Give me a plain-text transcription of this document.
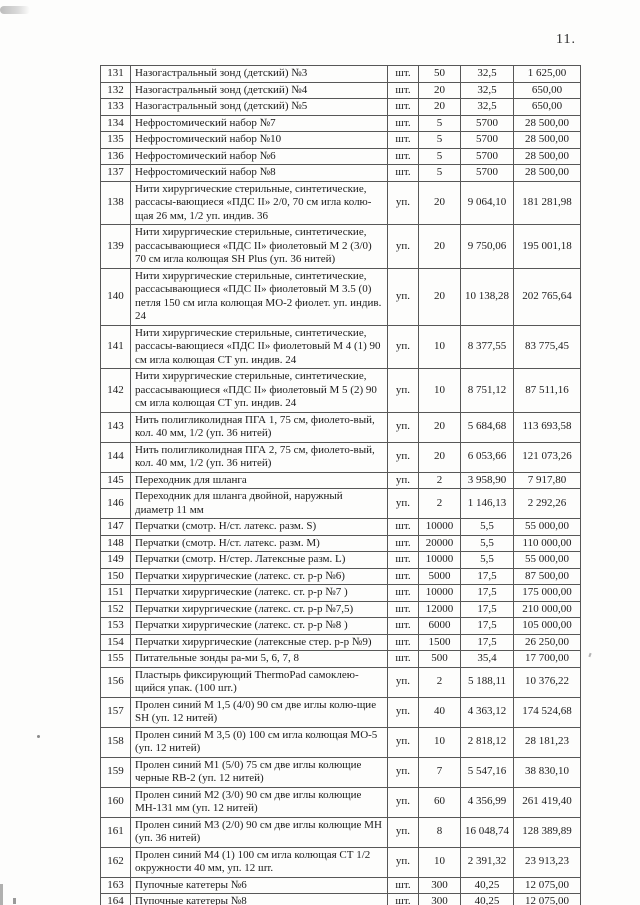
11.
131	Назогастральный зонд (детский) №3	шт.	50	32,5	1 625,00
132	Назогастральный зонд (детский) №4	шт.	20	32,5	650,00
133	Назогастральный зонд (детский) №5	шт.	20	32,5	650,00
134	Нефростомический набор №7	шт.	5	5700	28 500,00
135	Нефростомический набор №10	шт.	5	5700	28 500,00
136	Нефростомический набор №6	шт.	5	5700	28 500,00
137	Нефростомический набор №8	шт.	5	5700	28 500,00
138	Нити хирургические стерильные, синтетические, рассасы-вающиеся «ПДС II» 2/0, 70 см игла колю-щая 26 мм, 1/2 уп. индив. 36	уп.	20	9 064,10	181 281,98
139	Нити хирургические стерильные, синтетические, рассасывающиеся «ПДС II» фиолетовый М 2 (3/0) 70 см игла колющая SH Plus (уп. 36 нитей)	уп.	20	9 750,06	195 001,18
140	Нити хирургические стерильные, синтетические, рассасывающиеся «ПДС II» фиолетовый М 3.5 (0) петля 150 см игла колющая МО-2 фиолет. уп. индив. 24	уп.	20	10 138,28	202 765,64
141	Нити хирургические стерильные, синтетические, рассасы-вающиеся «ПДС II» фиолетовый М 4 (1) 90 см игла колющая СТ уп. индив. 24	уп.	10	8 377,55	83 775,45
142	Нити хирургические стерильные, синтетические, рассасывающиеся «ПДС II» фиолетовый М 5 (2) 90 см игла колющая СТ уп. индив. 24	уп.	10	8 751,12	87 511,16
143	Нить полигликолидная ПГА 1, 75 см, фиолето-вый, кол. 40 мм, 1/2 (уп. 36 нитей)	уп.	20	5 684,68	113 693,58
144	Нить полигликолидная ПГА 2, 75 см, фиолето-вый, кол. 40 мм, 1/2 (уп. 36 нитей)	уп.	20	6 053,66	121 073,26
145	Переходник для шланга	уп.	2	3 958,90	7 917,80
146	Переходник для шланга двойной, наружный диаметр 11 мм	уп.	2	1 146,13	2 292,26
147	Перчатки (смотр. Н/ст. латекс. разм. S)	шт.	10000	5,5	55 000,00
148	Перчатки (смотр. Н/ст. латекс. разм. М)	шт.	20000	5,5	110 000,00
149	Перчатки (смотр. Н/стер. Латексные разм. L)	шт.	10000	5,5	55 000,00
150	Перчатки хирургические (латекс. ст. р-р №6)	шт.	5000	17,5	87 500,00
151	Перчатки хирургические (латекс. ст. р-р №7 )	шт.	10000	17,5	175 000,00
152	Перчатки хирургические (латекс. ст. р-р №7,5)	шт.	12000	17,5	210 000,00
153	Перчатки хирургические (латекс. ст. р-р №8 )	шт.	6000	17,5	105 000,00
154	Перчатки хирургические (латексные стер. р-р №9)	шт.	1500	17,5	26 250,00
155	Питательные зонды ра-ми 5, 6, 7, 8	шт.	500	35,4	17 700,00
156	Пластырь фиксирующий ThermoPad самоклею-щийся упак. (100 шт.)	уп.	2	5 188,11	10 376,22
157	Пролен синий М 1,5 (4/0) 90 см две иглы колю-щие SH (уп. 12 нитей)	уп.	40	4 363,12	174 524,68
158	Пролен синий М 3,5 (0) 100 см игла колющая МО-5 (уп. 12 нитей)	уп.	10	2 818,12	28 181,23
159	Пролен синий М1 (5/0) 75 см две иглы колющие черные RB-2 (уп. 12 нитей)	уп.	7	5 547,16	38 830,10
160	Пролен синий М2 (3/0) 90 см две иглы колющие МН-131 мм (уп. 12 нитей)	уп.	60	4 356,99	261 419,40
161	Пролен синий М3 (2/0) 90 см две иглы колющие МН (уп. 36 нитей)	уп.	8	16 048,74	128 389,89
162	Пролен синий М4 (1) 100 см игла колющая СТ 1/2 окружности 40 мм, уп. 12 шт.	уп.	10	2 391,32	23 913,23
163	Пупочные катетеры №6	шт.	300	40,25	12 075,00
164	Пупочные катетеры №8	шт.	300	40,25	12 075,00
